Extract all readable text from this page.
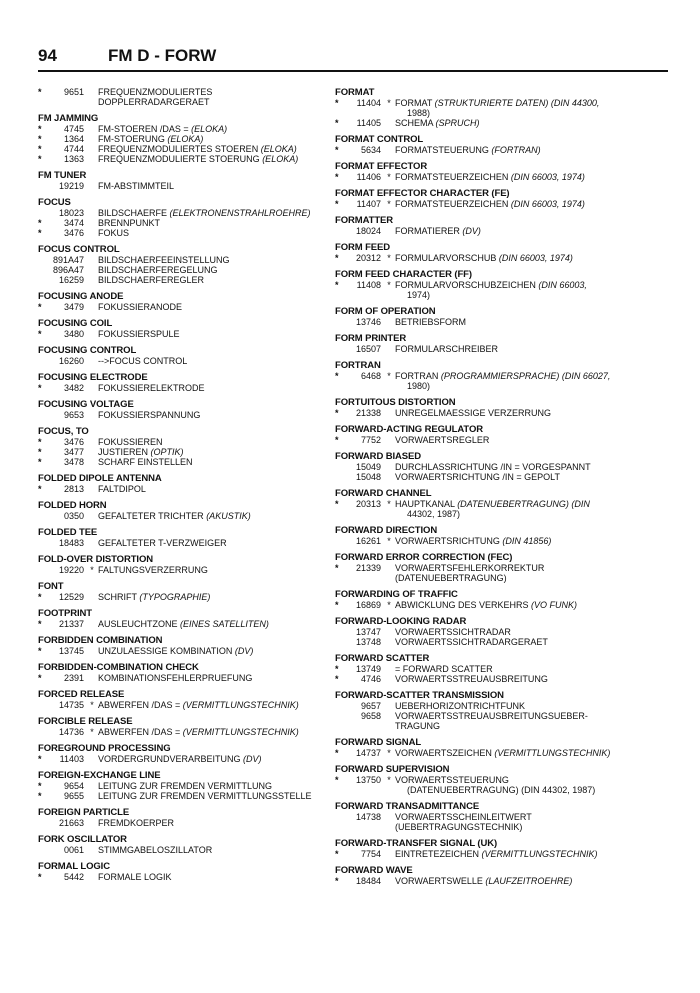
94	FM D - FORW
*	9651 FREQUENZMODULIERTES
DOPPLERRADARGERAET
FM JAMMING
*	4745 FM-STOEREN /DAS = (ELOKA)
*	1364 FM-STOERUNG (ELOKA)
*	4744 FREQUENZMODULIERTES STOEREN (ELOKA)
*	1363 FREQUENZMODULIERTE STOERUNG (ELOKA)
FM TUNER
19219 FM-ABSTIMMTEIL
FOCUS
18023 BILDSCHAERFE (ELEKTRONENSTRAHLROEHRE)
*	3474 BRENNPUNKT
*	3476 FOKUS
FOCUS CONTROL
891A47 BILDSCHAERFEEINSTELLUNG
896A47 BILDSCHAERFEREGELUNG
16259 BILDSCHAERFEREGLER
FOCUSING ANODE
*	3479 FOKUSSIERANODE
FOCUSING COIL
*	3480 FOKUSSIERSPULE
FOCUSING CONTROL
16260 -->FOCUS CONTROL
FOCUSING ELECTRODE
*	3482 FOKUSSIERELEKTRODE
FOCUSING VOLTAGE
9653 FOKUSSIERSPANNUNG
FOCUS, TO
*	3476 FOKUSSIEREN
*	3477 JUSTIEREN (OPTIK)
*	3478 SCHARF EINSTELLEN
FOLDED DIPOLE ANTENNA
*	2813 FALTDIPOL
FOLDED HORN
0350 GEFALTETER TRICHTER (AKUSTIK)
FOLDED TEE
18483 GEFALTETER T-VERZWEIGER
FOLD-OVER DISTORTION
19220 * FALTUNGSVERZERRUNG
FONT
*	12529 SCHRIFT (TYPOGRAPHIE)
FOOTPRINT
*	21337 AUSLEUCHTZONE (EINES SATELLITEN)
FORBIDDEN COMBINATION
*	13745 UNZULAESSIGE KOMBINATION (DV)
FORBIDDEN-COMBINATION CHECK
*	2391 KOMBINATIONSFEHLERPRUEFUNG
FORCED RELEASE
14735 * ABWERFEN /DAS = (VERMITTLUNGSTECHNIK)
FORCIBLE RELEASE
14736 * ABWERFEN /DAS = (VERMITTLUNGSTECHNIK)
FOREGROUND PROCESSING
*	11403 VORDERGRUNDVERARBEITUNG (DV)
FOREIGN-EXCHANGE LINE
*	9654 LEITUNG ZUR FREMDEN VERMITTLUNG
*	9655 LEITUNG ZUR FREMDEN VERMITTLUNGSSTELLE
FOREIGN PARTICLE
21663 FREMDKOERPER
FORK OSCILLATOR
0061 STIMMGABELOSZILLATOR
FORMAL LOGIC
*	5442 FORMALE LOGIK
FORMAT
*	11404 * FORMAT (STRUKTURIERTE DATEN) (DIN 44300,
1988)
*	11405 SCHEMA (SPRUCH)
FORMAT CONTROL
*	5634 FORMATSTEUERUNG (FORTRAN)
FORMAT EFFECTOR
*	11406 * FORMATSTEUERZEICHEN (DIN 66003, 1974)
FORMAT EFFECTOR CHARACTER (FE)
*	11407 * FORMATSTEUERZEICHEN (DIN 66003, 1974)
FORMATTER
18024 FORMATIERER (DV)
FORM FEED
*	20312 * FORMULARVORSCHUB (DIN 66003, 1974)
FORM FEED CHARACTER (FF)
*	11408 * FORMULARVORSCHUBZEICHEN (DIN 66003,
1974)
FORM OF OPERATION
13746 BETRIEBSFORM
FORM PRINTER
16507 FORMULARSCHREIBER
FORTRAN
*	6468 * FORTRAN (PROGRAMMIERSPRACHE) (DIN 66027,
1980)
FORTUITOUS DISTORTION
*	21338 UNREGELMAESSIGE VERZERRUNG
FORWARD-ACTING REGULATOR
*	7752 VORWAERTSREGLER
FORWARD BIASED
15049 DURCHLASSRICHTUNG /IN = VORGESPANNT
15048 VORWAERTSRICHTUNG /IN = GEPOLT
FORWARD CHANNEL
*	20313 * HAUPTKANAL (DATENUEBERTRAGUNG) (DIN
44302, 1987)
FORWARD DIRECTION
16261 * VORWAERTSRICHTUNG (DIN 41856)
FORWARD ERROR CORRECTION (FEC)
*	21339 VORWAERTSFEHLERKORREKTUR
(DATENUEBERTRAGUNG)
FORWARDING OF TRAFFIC
*	16869 * ABWICKLUNG DES VERKEHRS (VO FUNK)
FORWARD-LOOKING RADAR
13747 VORWAERTSSICHTRADAR
13748 VORWAERTSSICHTRADARGERAET
FORWARD SCATTER
*	13749 = FORWARD SCATTER
*	4746 VORWAERTSSTREUAUSBREITUNG
FORWARD-SCATTER TRANSMISSION
9657 UEBERHORIZONTRICHTFUNK
9658 VORWAERTSSTREUAUSBREITUNGSUEBER-
TRAGUNG
FORWARD SIGNAL
*	14737 * VORWAERTSZEICHEN (VERMITTLUNGSTECHNIK)
FORWARD SUPERVISION
*	13750 * VORWAERTSSTEUERUNG
(DATENUEBERTRAGUNG) (DIN 44302, 1987)
FORWARD TRANSADMITTANCE
14738 VORWAERTSSCHEINLEITWERT
(UEBERTRAGUNGSTECHNIK)
FORWARD-TRANSFER SIGNAL (UK)
*	7754 EINTRETEZEICHEN (VERMITTLUNGSTECHNIK)
FORWARD WAVE
*	18484 VORWAERTSWELLE (LAUFZEITROEHRE)
